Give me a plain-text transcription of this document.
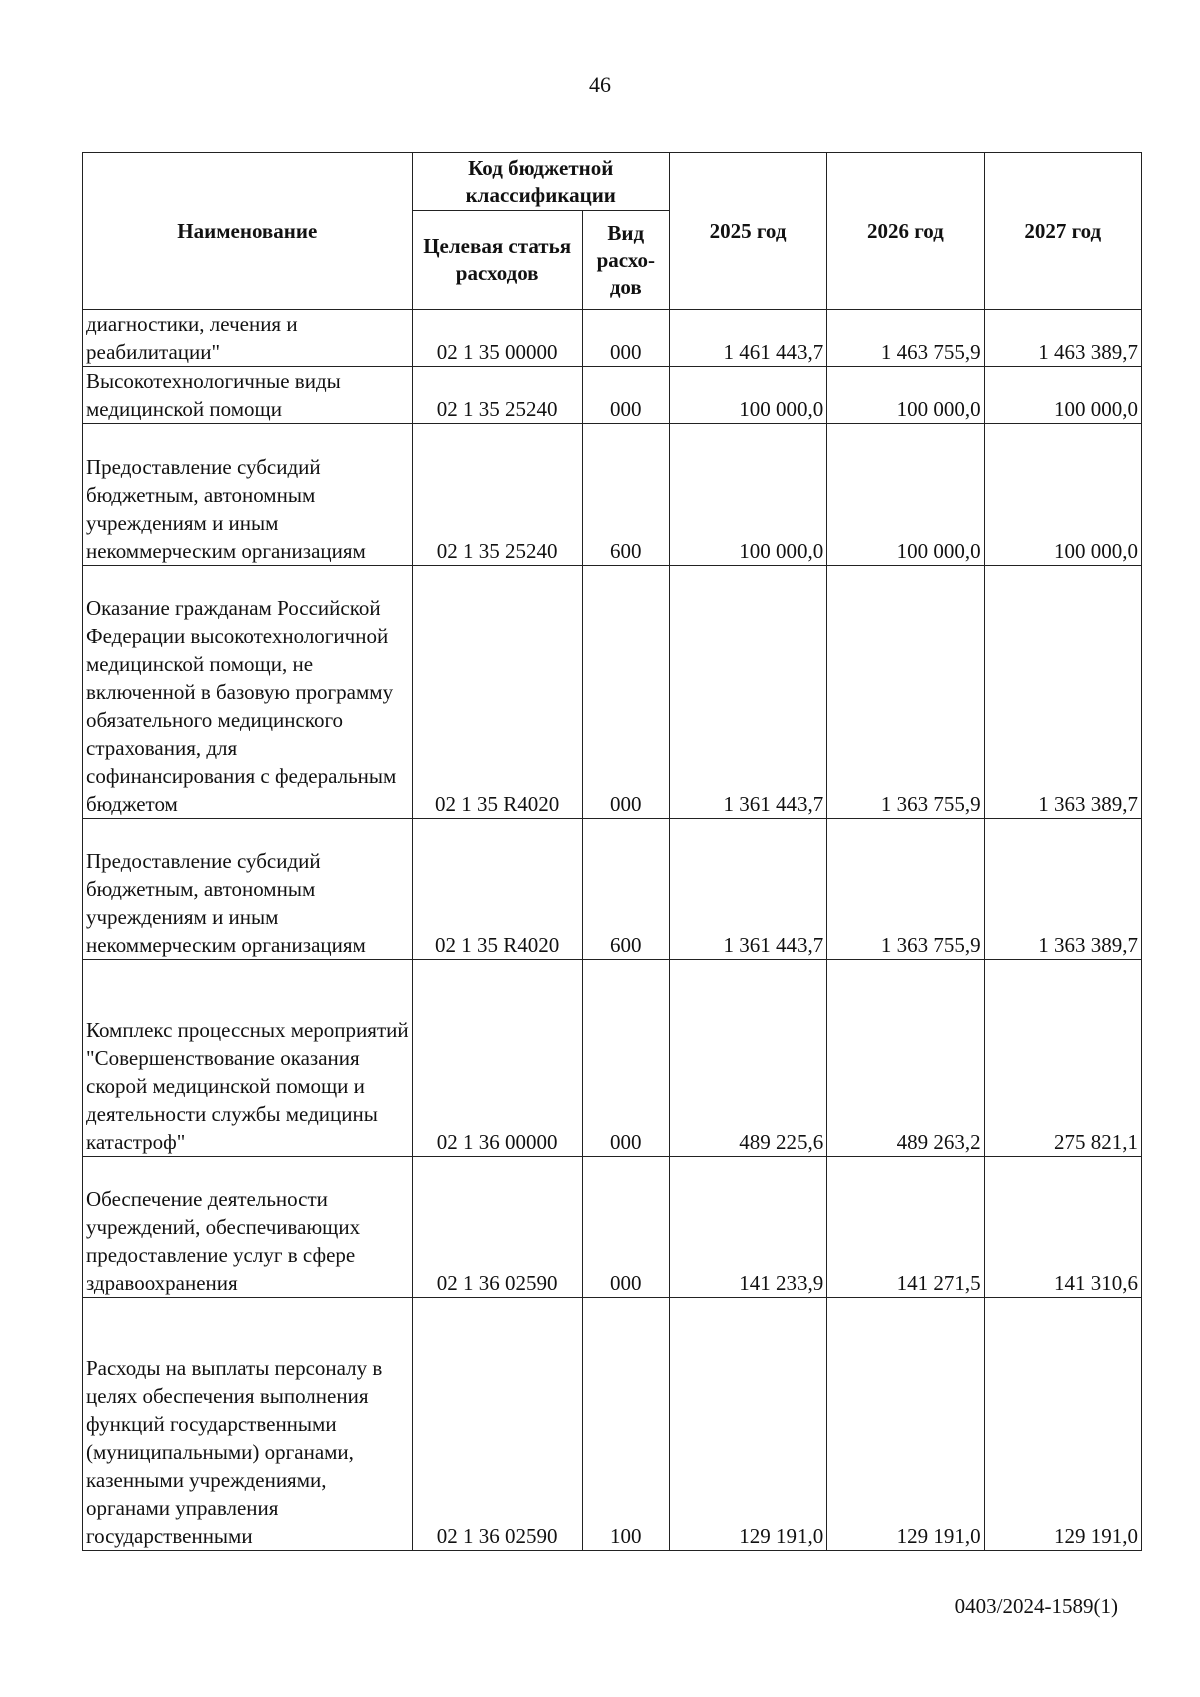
46
Наименование	Код бюджетной классификации		2025 год	2026 год	2027 год
	Целевая статья расходов	Вид расхо-дов			
диагностики, лечения и реабилитации"	02 1 35 00000	000	1 461 443,7	1 463 755,9	1 463 389,7
Высокотехнологичные виды медицинской помощи	02 1 35 25240	000	100 000,0	100 000,0	100 000,0
Предоставление субсидий бюджетным, автономным учреждениям и иным некоммерческим организациям	02 1 35 25240	600	100 000,0	100 000,0	100 000,0
Оказание гражданам Российской Федерации высокотехнологичной медицинской помощи, не включенной в базовую программу обязательного медицинского страхования, для софинансирования с федеральным бюджетом	02 1 35 R4020	000	1 361 443,7	1 363 755,9	1 363 389,7
Предоставление субсидий бюджетным, автономным учреждениям и иным некоммерческим организациям	02 1 35 R4020	600	1 361 443,7	1 363 755,9	1 363 389,7
Комплекс процессных мероприятий "Совершенствование оказания скорой медицинской помощи и деятельности службы медицины катастроф"	02 1 36 00000	000	489 225,6	489 263,2	275 821,1
Обеспечение деятельности учреждений, обеспечивающих предоставление услуг в сфере здравоохранения	02 1 36 02590	000	141 233,9	141 271,5	141 310,6
Расходы на выплаты персоналу в целях обеспечения выполнения функций государственными (муниципальными) органами, казенными учреждениями, органами управления государственными	02 1 36 02590	100	129 191,0	129 191,0	129 191,0
0403/2024-1589(1)
